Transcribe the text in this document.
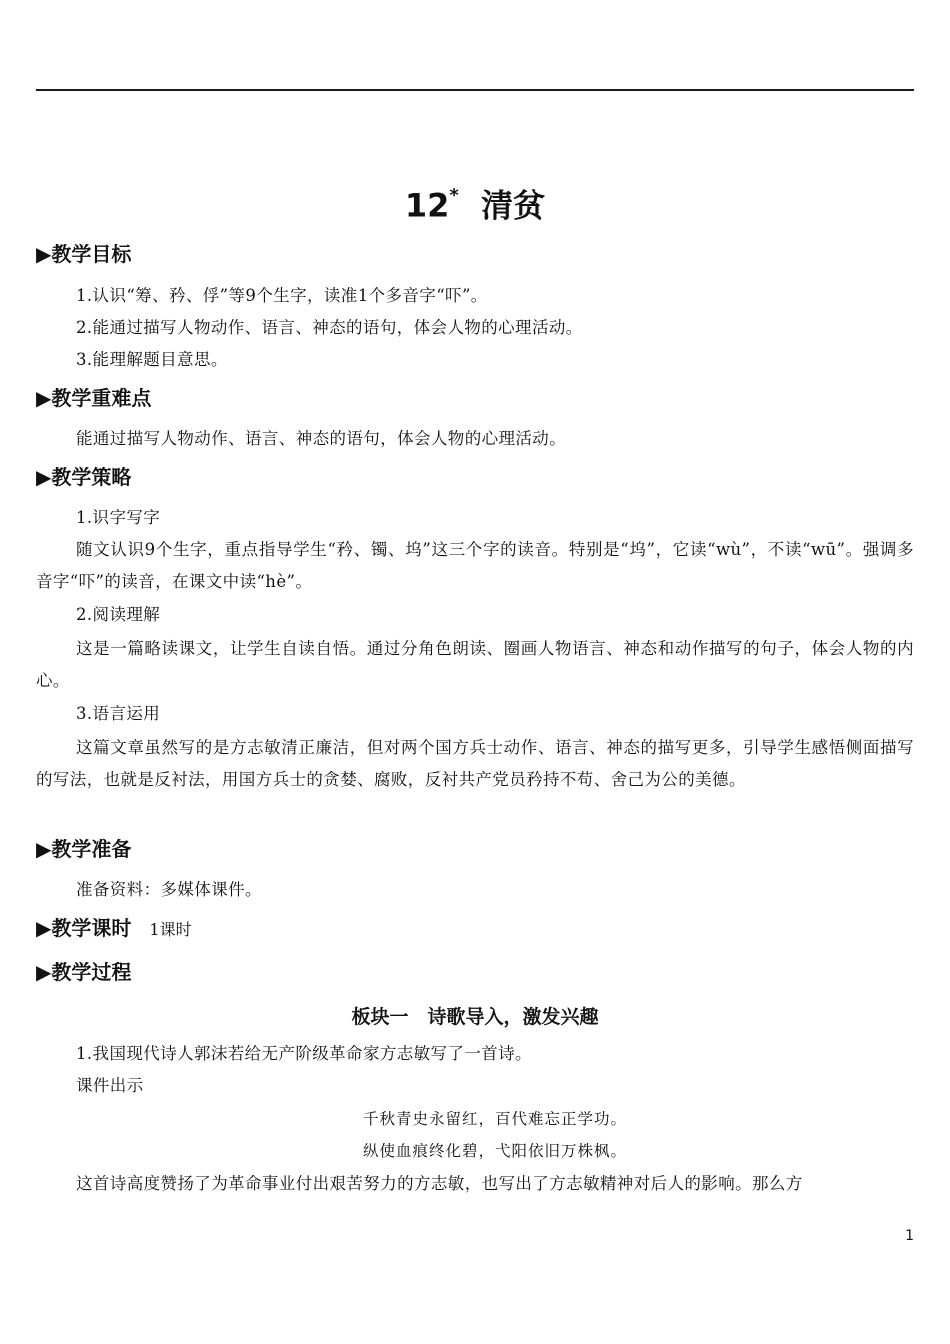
12* 清贫
▶教学目标
1.认识“筹、矜、俘”等9个生字，读准1个多音字“吓”。
2.能通过描写人物动作、语言、神态的语句，体会人物的心理活动。
3.能理解题目意思。
▶教学重难点
能通过描写人物动作、语言、神态的语句，体会人物的心理活动。
▶教学策略
1.识字写字
随文认识9个生字，重点指导学生“矜、镯、坞”这三个字的读音。特别是“坞”，它读“wù”，不读“wū”。强调多音字“吓”的读音，在课文中读“hè”。
2.阅读理解
这是一篇略读课文，让学生自读自悟。通过分角色朗读、圈画人物语言、神态和动作描写的句子，体会人物的内心。
3.语言运用
这篇文章虽然写的是方志敏清正廉洁，但对两个国方兵士动作、语言、神态的描写更多，引导学生感悟侧面描写的写法，也就是反衬法，用国方兵士的贪婪、腐败，反衬共产党员矜持不苟、舍己为公的美德。
▶教学准备
准备资料：多媒体课件。
▶教学课时 1课时
▶教学过程
板块一　诗歌导入，激发兴趣
1.我国现代诗人郭沫若给无产阶级革命家方志敏写了一首诗。
课件出示
千秋青史永留红，百代难忘正学功。
纵使血痕终化碧，弋阳依旧万株枫。
这首诗高度赞扬了为革命事业付出艰苦努力的方志敏，也写出了方志敏精神对后人的影响。那么方
1
